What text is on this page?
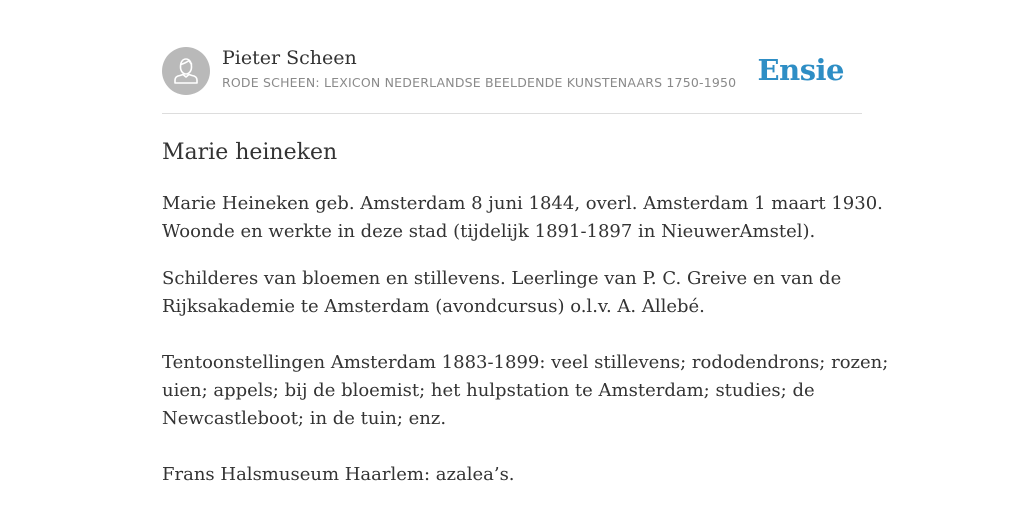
Pieter Scheen
RODE SCHEEN: LEXICON NEDERLANDSE BEELDENDE KUNSTENAARS 1750-1950 Ensie
Marie heineken

Marie Heineken geb. Amsterdam 8 juni 1844, overl. Amsterdam 1 maart 1930.
Woonde en werkte in deze stad (tijdelijk 1891-1897 in NieuwerAmstel).

Schilderes van bloemen en stillevens. Leerlinge van P. C. Greive en van de
Rijksakademie te Amsterdam (avondcursus) o.l.v. A. Allebé.

Tentoonstellingen Amsterdam 1883-1899: veel stillevens; rododendrons; rozen;
uien; appels; bij de bloemist; het hulpstation te Amsterdam; studies; de
Newcastleboot; in de tuin; enz.

Frans Halsmuseum Haarlem: azalea’s.
